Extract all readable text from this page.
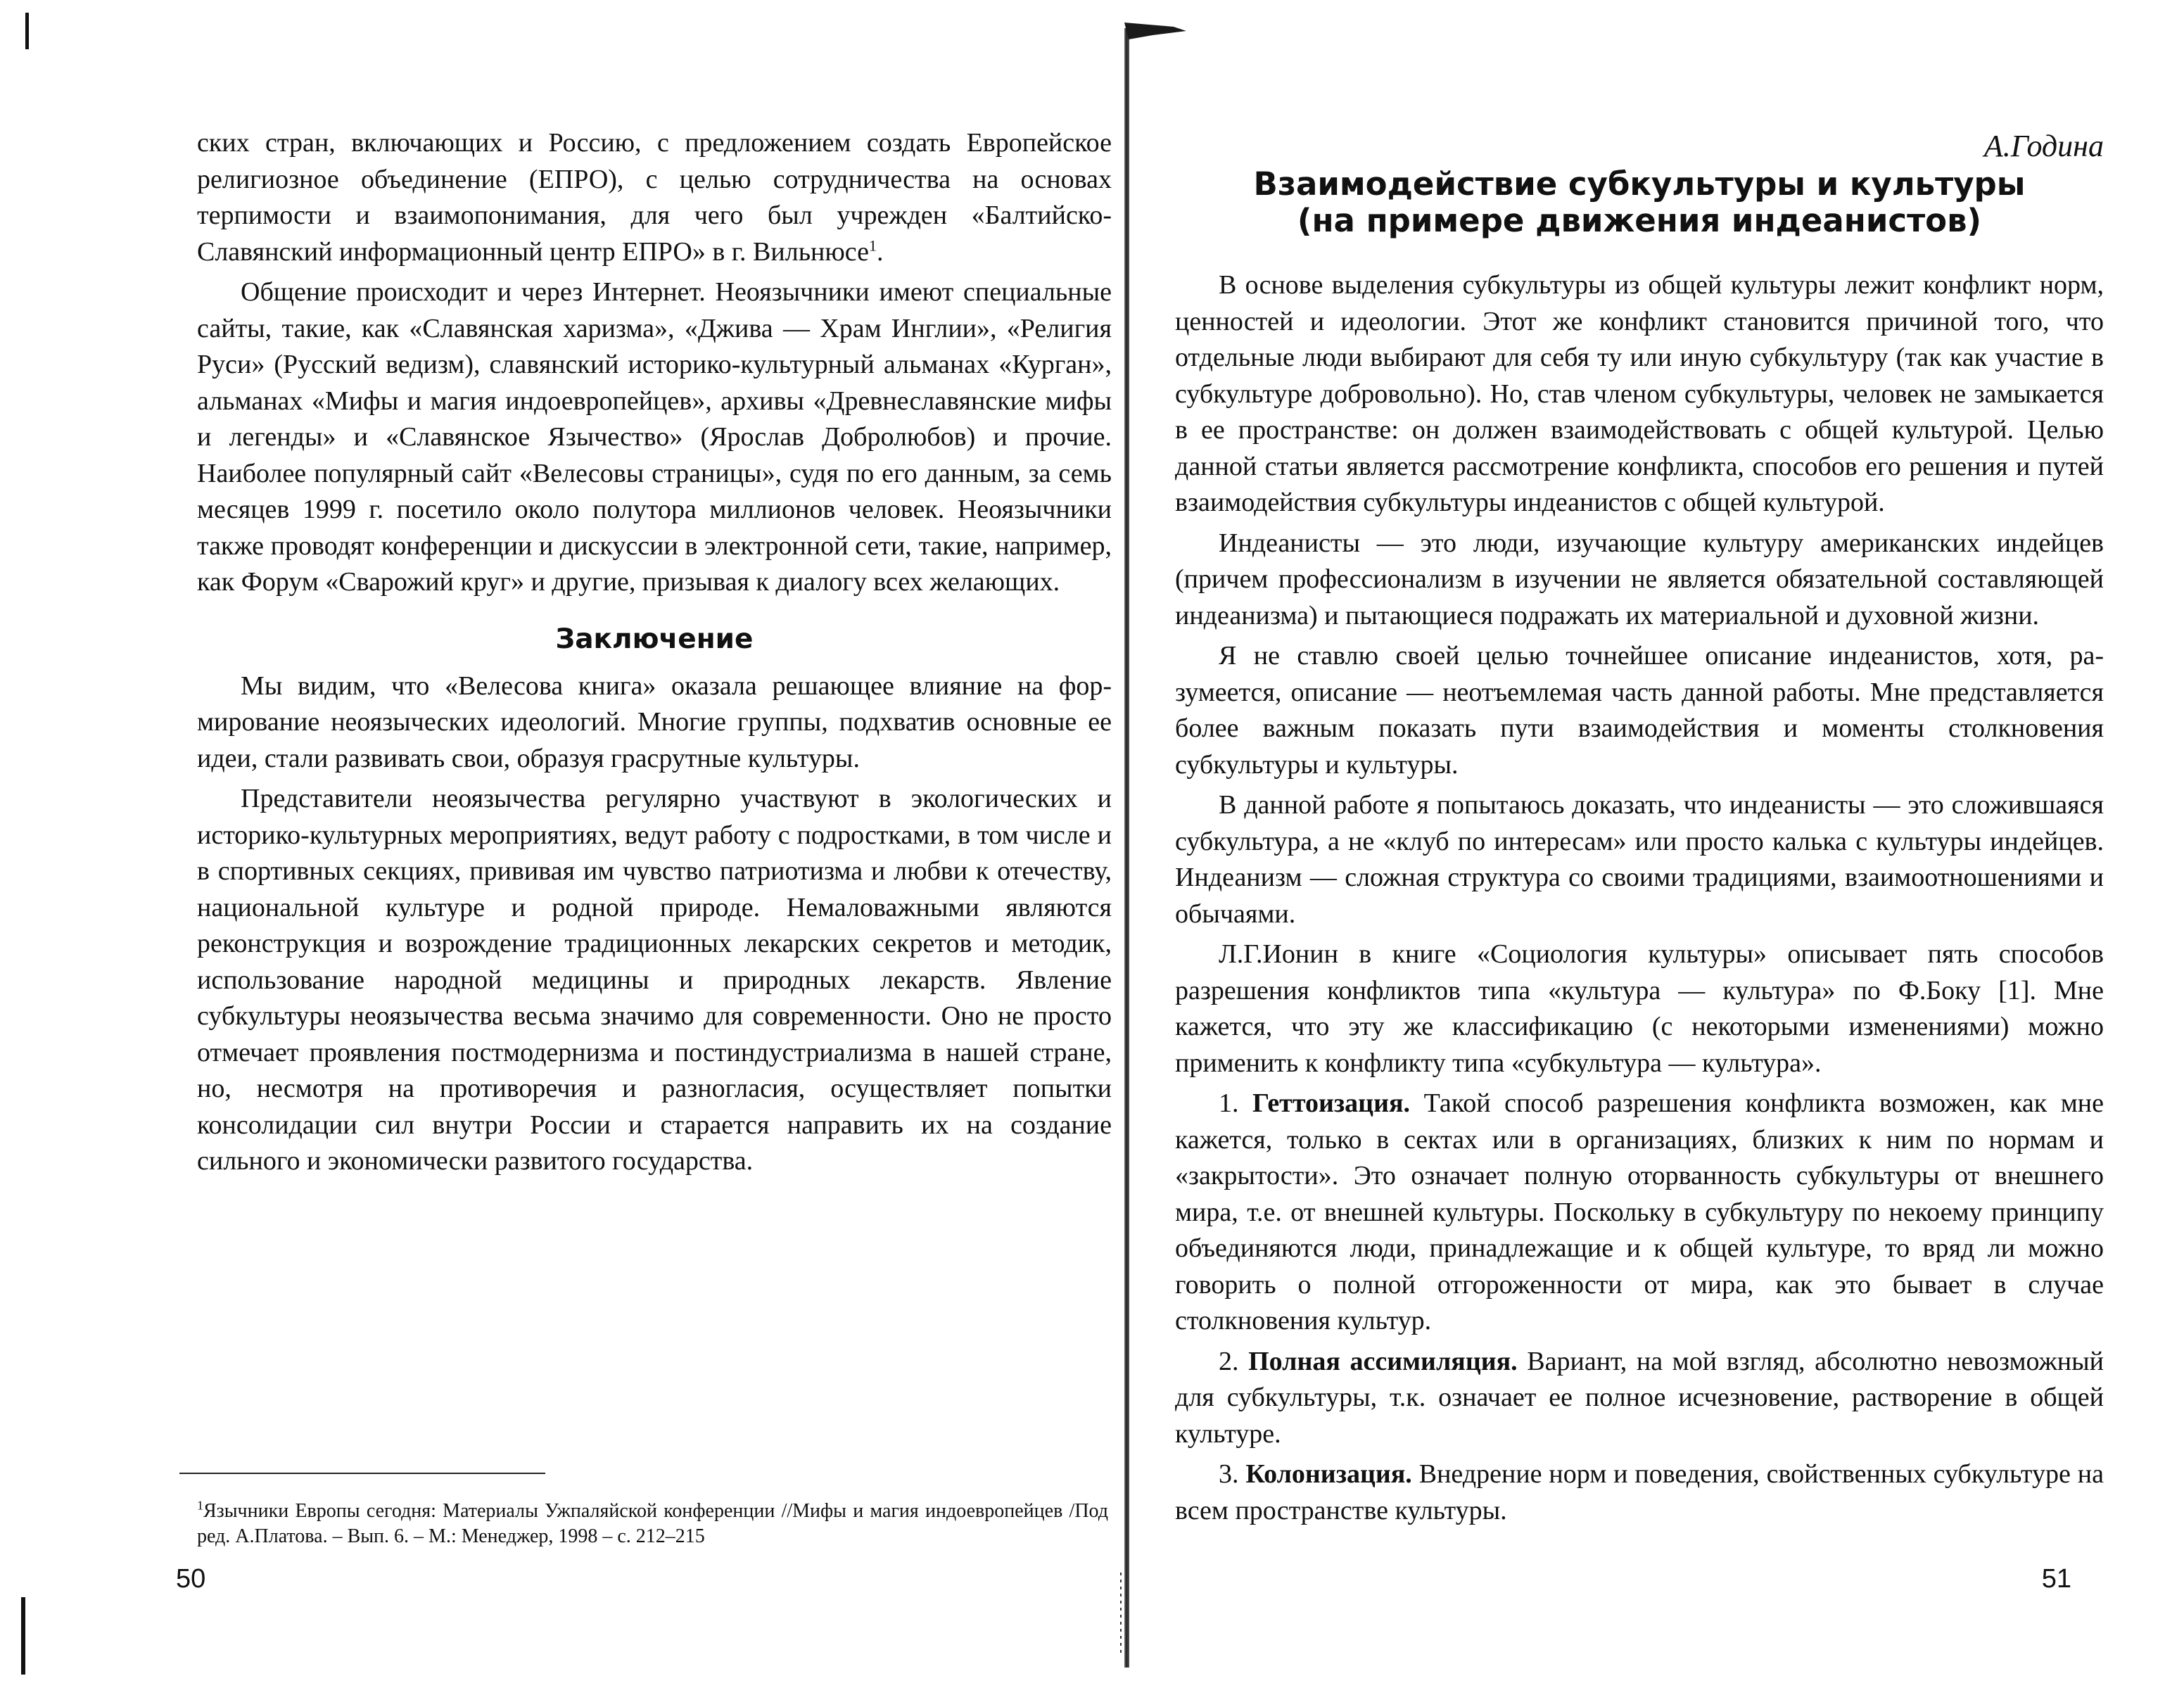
ских стран, включающих и Россию, с предложением создать Европейское религиозное объединение (ЕПРО), с целью сотрудничества на основах терпимости и взаимопонимания, для чего был учрежден «Балтийско-Славянский информационный центр ЕПРО» в г. Вильнюсе$^1$.

Общение происходит и через Интернет. Неоязычники имеют специальные сайты, такие, как «Славянская харизма», «Джива — Храм Инглии», «Религия Руси» (Русский ведизм), славянский историко-культурный альманах «Курган», альманах «Мифы и магия индоевропейцев», архивы «Древнеславянские мифы и легенды» и «Славянское Язычество» (Ярослав Добролюбов) и прочие. Наиболее популярный сайт «Велесовы страницы», судя по его данным, за семь месяцев 1999 г. посетило около полутора миллионов человек. Неоязычники также проводят конференции и дискуссии в электронной сети, такие, например, как Форум «Сварожий круг» и другие, призывая к диалогу всех желающих.

Заключение

Мы видим, что «Велесова книга» оказала решающее влияние на формирование неоязыческих идеологий. Многие группы, подхватив основные ее идеи, стали развивать свои, образуя грасрутные культуры.

Представители неоязычества регулярно участвуют в экологических и историко-культурных мероприятиях, ведут работу с подростками, в том числе и в спортивных секциях, прививая им чувство патриотизма и любви к отечеству, национальной культуре и родной природе. Немаловажными являются реконструкция и возрождение традиционных лекарских секретов и методик, использование народной медицины и природных лекарств. Явление субкультуры неоязычества весьма значимо для современности. Оно не просто отмечает проявления постмодернизма и постиндустриализма в нашей стране, но, несмотря на противоречия и разногласия, осуществляет попытки консолидации сил внутри России и старается направить их на создание сильного и экономически развитого государства.

$^1$Язычники Европы сегодня: Материалы Ужпаляйской конференции //Мифы и магия индоевропейцев /Под ред. А.Платова. – Вып. 6. – М.: Менеджер, 1998 – с. 212–215
50
А.Година
Взаимодействие субкультуры и культуры
(на примере движения индеанистов)

В основе выделения субкультуры из общей культуры лежит конфликт норм, ценностей и идеологии. Этот же конфликт становится причиной того, что отдельные люди выбирают для себя ту или иную субкультуру (так как участие в субкультуре добровольно). Но, став членом субкультуры, человек не замыкается в ее пространстве: он должен взаимодействовать с общей культурой. Целью данной статьи является рассмотрение конфликта, способов его решения и путей взаимодействия субкультуры индеанистов с общей культурой.

Индеанисты — это люди, изучающие культуру американских индейцев (причем профессионализм в изучении не является обязательной составляющей индеанизма) и пытающиеся подражать их материальной и духовной жизни.

Я не ставлю своей целью точнейшее описание индеанистов, хотя, разумеется, описание — неотъемлемая часть данной работы. Мне представляется более важным показать пути взаимодействия и моменты столкновения субкультуры и культуры.

В данной работе я попытаюсь доказать, что индеанисты — это сложившаяся субкультура, а не «клуб по интересам» или просто калька с культуры индейцев. Индеанизм — сложная структура со своими традициями, взаимоотношениями и обычаями.

Л.Г.Ионин в книге «Социология культуры» описывает пять способов разрешения конфликтов типа «культура — культура» по Ф.Боку [1]. Мне кажется, что эту же классификацию (с некоторыми изменениями) можно применить к конфликту типа «субкультура — культура».

1. Геттоизация. Такой способ разрешения конфликта возможен, как мне кажется, только в сектах или в организациях, близких к ним по нормам и «закрытости». Это означает полную оторванность субкультуры от внешнего мира, т.е. от внешней культуры. Поскольку в субкультуру по некоему принципу объединяются люди, принадлежащие и к общей культуре, то вряд ли можно говорить о полной отгороженности от мира, как это бывает в случае столкновения культур.

2. Полная ассимиляция. Вариант, на мой взгляд, абсолютно невозможный для субкультуры, т.к. означает ее полное исчезновение, растворение в общей культуре.

3. Колонизация. Внедрение норм и поведения, свойственных субкультуре на всем пространстве культуры.

51
